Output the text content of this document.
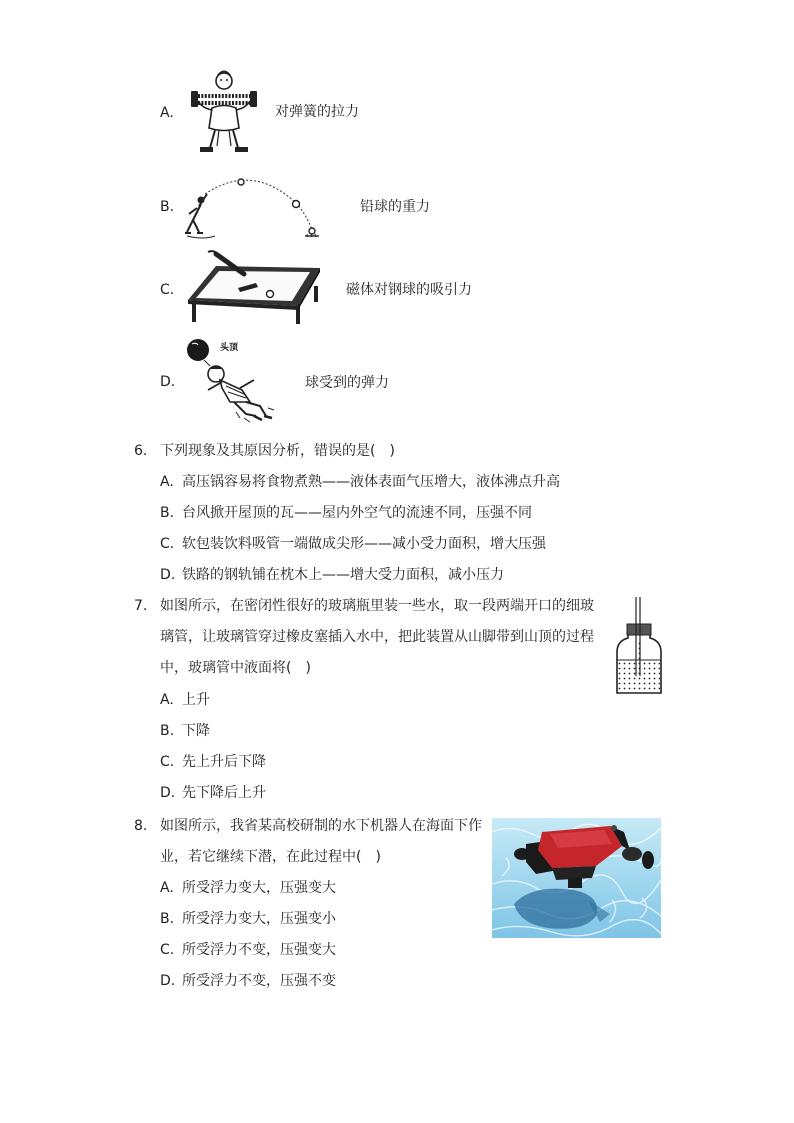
A.	对弹簧的拉力
B.	铅球的重力
C.	磁体对钢球的吸引力
D.
头顶
球受到的弹力
6. 下列现象及其原因分析，错误的是(　)
A. 高压锅容易将食物煮熟——液体表面气压增大，液体沸点升高
B. 台风掀开屋顶的瓦——屋内外空气的流速不同，压强不同
C. 软包装饮料吸管一端做成尖形——减小受力面积，增大压强
D. 铁路的钢轨铺在枕木上——增大受力面积，减小压力
7. 如图所示，在密闭性很好的玻璃瓶里装一些水，取一段两端开口的细玻
璃管，让玻璃管穿过橡皮塞插入水中，把此装置从山脚带到山顶的过程
中，玻璃管中液面将(　)
A. 上升
B. 下降
C. 先上升后下降
D. 先下降后上升
8. 如图所示，我省某高校研制的水下机器人在海面下作
业，若它继续下潜，在此过程中(　)
A. 所受浮力变大，压强变大
B. 所受浮力变大，压强变小
C. 所受浮力不变，压强变大
D. 所受浮力不变，压强不变
